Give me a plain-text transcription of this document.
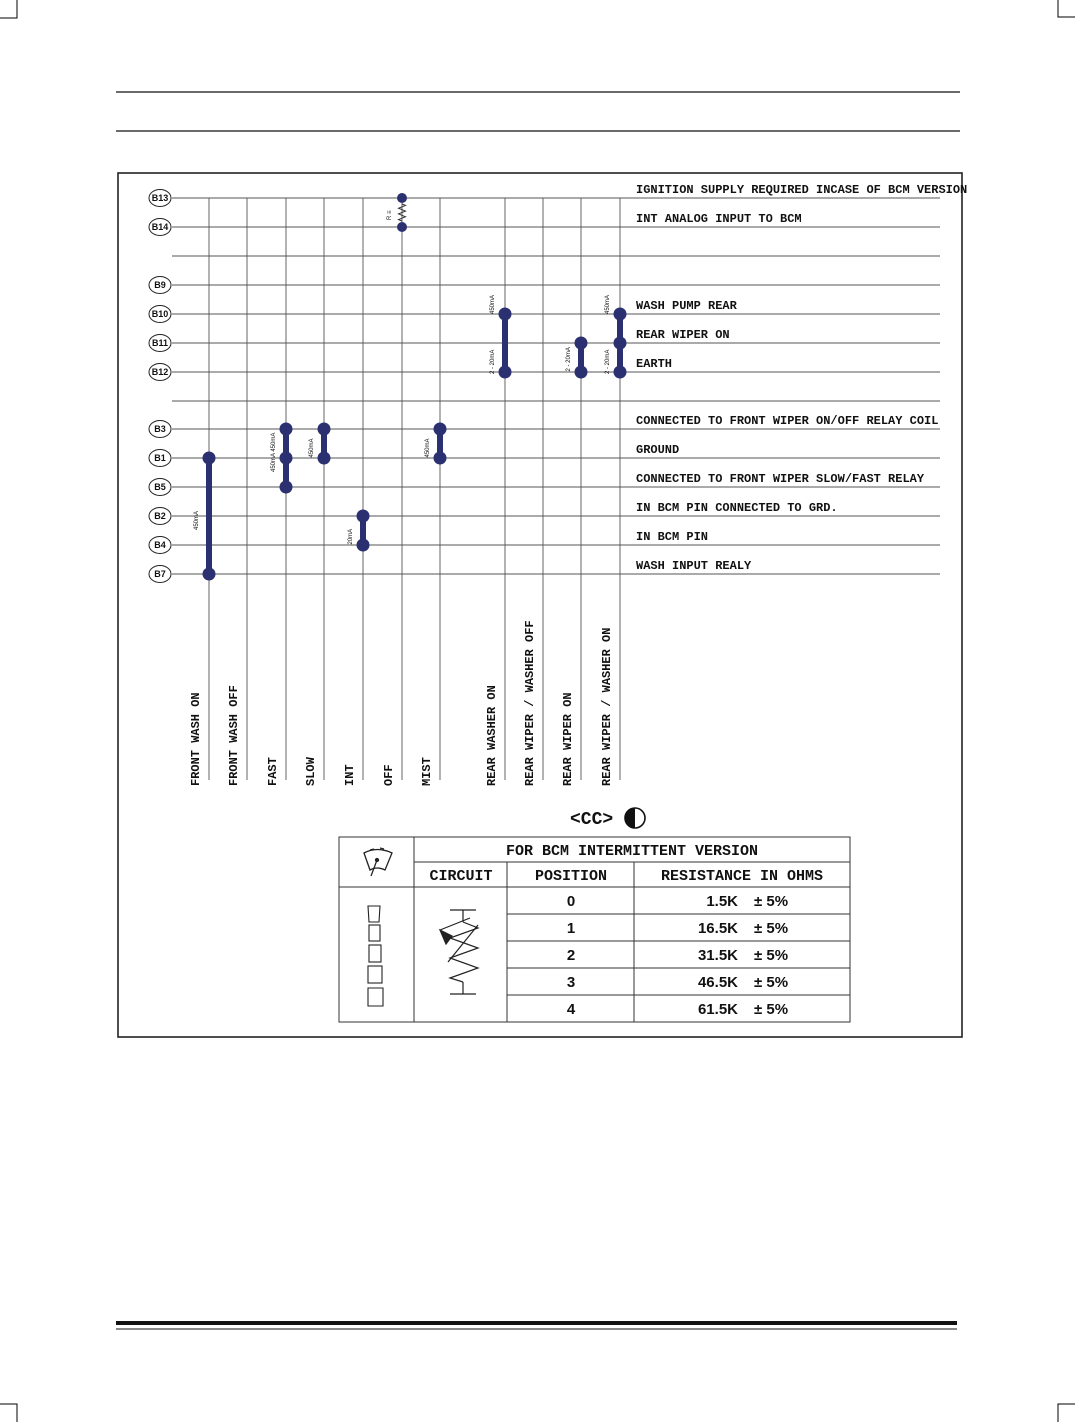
B13
B14
B9
B10
B11
B12
B3
B1
B5
B2
B4
B7
IGNITION SUPPLY REQUIRED INCASE OF BCM VERSION
INT ANALOG INPUT TO BCM
WASH PUMP REAR
REAR WIPER ON
EARTH
CONNECTED TO FRONT WIPER ON/OFF RELAY COIL
GROUND
CONNECTED TO FRONT WIPER SLOW/FAST RELAY
IN BCM PIN CONNECTED TO GRD.
IN BCM PIN
WASH INPUT REALY
FRONT WASH ON FRONT WASH OFF FAST SLOW INT OFF MIST	REAR WASHER ON REAR WIPER / WASHER OFF REAR WIPER ON REAR WIPER / WASHER ON
450mA
450mA 450mA	450mA
20mA
R ≡
450mA
450mA
2 - 20mA	2 - 20mA
450mA
2 - 20mA
<CC>
FOR BCM INTERMITTENT VERSION
CIRCUIT	POSITION	RESISTANCE IN OHMS
0	1.5K ± 5%
1	16.5K ± 5%
2	31.5K ± 5%
3	46.5K ± 5%
4	61.5K ± 5%
